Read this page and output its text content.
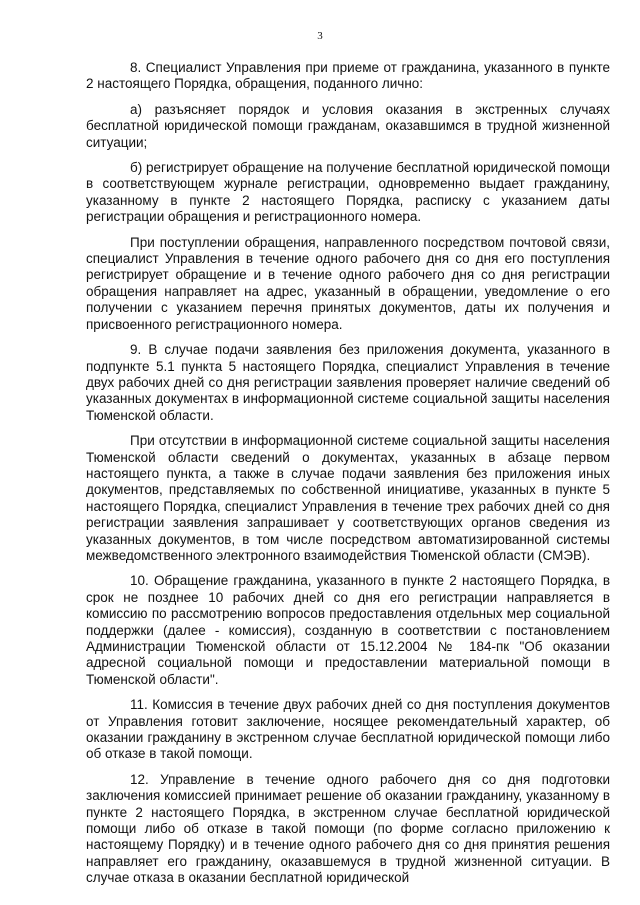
3

8. Специалист Управления при приеме от гражданина, указанного в пункте 2 настоящего Порядка, обращения, поданного лично:

а) разъясняет порядок и условия оказания в экстренных случаях бесплатной юридической помощи гражданам, оказавшимся в трудной жизненной ситуации;

б) регистрирует обращение на получение бесплатной юридической помощи в соответствующем журнале регистрации, одновременно выдает гражданину, указанному в пункте 2 настоящего Порядка, расписку с указанием даты регистрации обращения и регистрационного номера.

При поступлении обращения, направленного посредством почтовой связи, специалист Управления в течение одного рабочего дня со дня его поступления регистрирует обращение и в течение одного рабочего дня со дня регистрации обращения направляет на адрес, указанный в обращении, уведомление о его получении с указанием перечня принятых документов, даты их получения и присвоенного регистрационного номера.

9. В случае подачи заявления без приложения документа, указанного в подпункте 5.1 пункта 5 настоящего Порядка, специалист Управления в течение двух рабочих дней со дня регистрации заявления проверяет наличие сведений об указанных документах в информационной системе социальной защиты населения Тюменской области.

При отсутствии в информационной системе социальной защиты населения Тюменской области сведений о документах, указанных в абзаце первом настоящего пункта, а также в случае подачи заявления без приложения иных документов, представляемых по собственной инициативе, указанных в пункте 5 настоящего Порядка, специалист Управления в течение трех рабочих дней со дня регистрации заявления запрашивает у соответствующих органов сведения из указанных документов, в том числе посредством автоматизированной системы межведомственного электронного взаимодействия Тюменской области (СМЭВ).

10. Обращение гражданина, указанного в пункте 2 настоящего Порядка, в срок не позднее 10 рабочих дней со дня его регистрации направляется в комиссию по рассмотрению вопросов предоставления отдельных мер социальной поддержки (далее - комиссия), созданную в соответствии с постановлением Администрации Тюменской области от 15.12.2004 № 184-пк "Об оказании адресной социальной помощи и предоставлении материальной помощи в Тюменской области".

11. Комиссия в течение двух рабочих дней со дня поступления документов от Управления готовит заключение, носящее рекомендательный характер, об оказании гражданину в экстренном случае бесплатной юридической помощи либо об отказе в такой помощи.

12. Управление в течение одного рабочего дня со дня подготовки заключения комиссией принимает решение об оказании гражданину, указанному в пункте 2 настоящего Порядка, в экстренном случае бесплатной юридической помощи либо об отказе в такой помощи (по форме согласно приложению к настоящему Порядку) и в течение одного рабочего дня со дня принятия решения направляет его гражданину, оказавшемуся в трудной жизненной ситуации. В случае отказа в оказании бесплатной юридической
